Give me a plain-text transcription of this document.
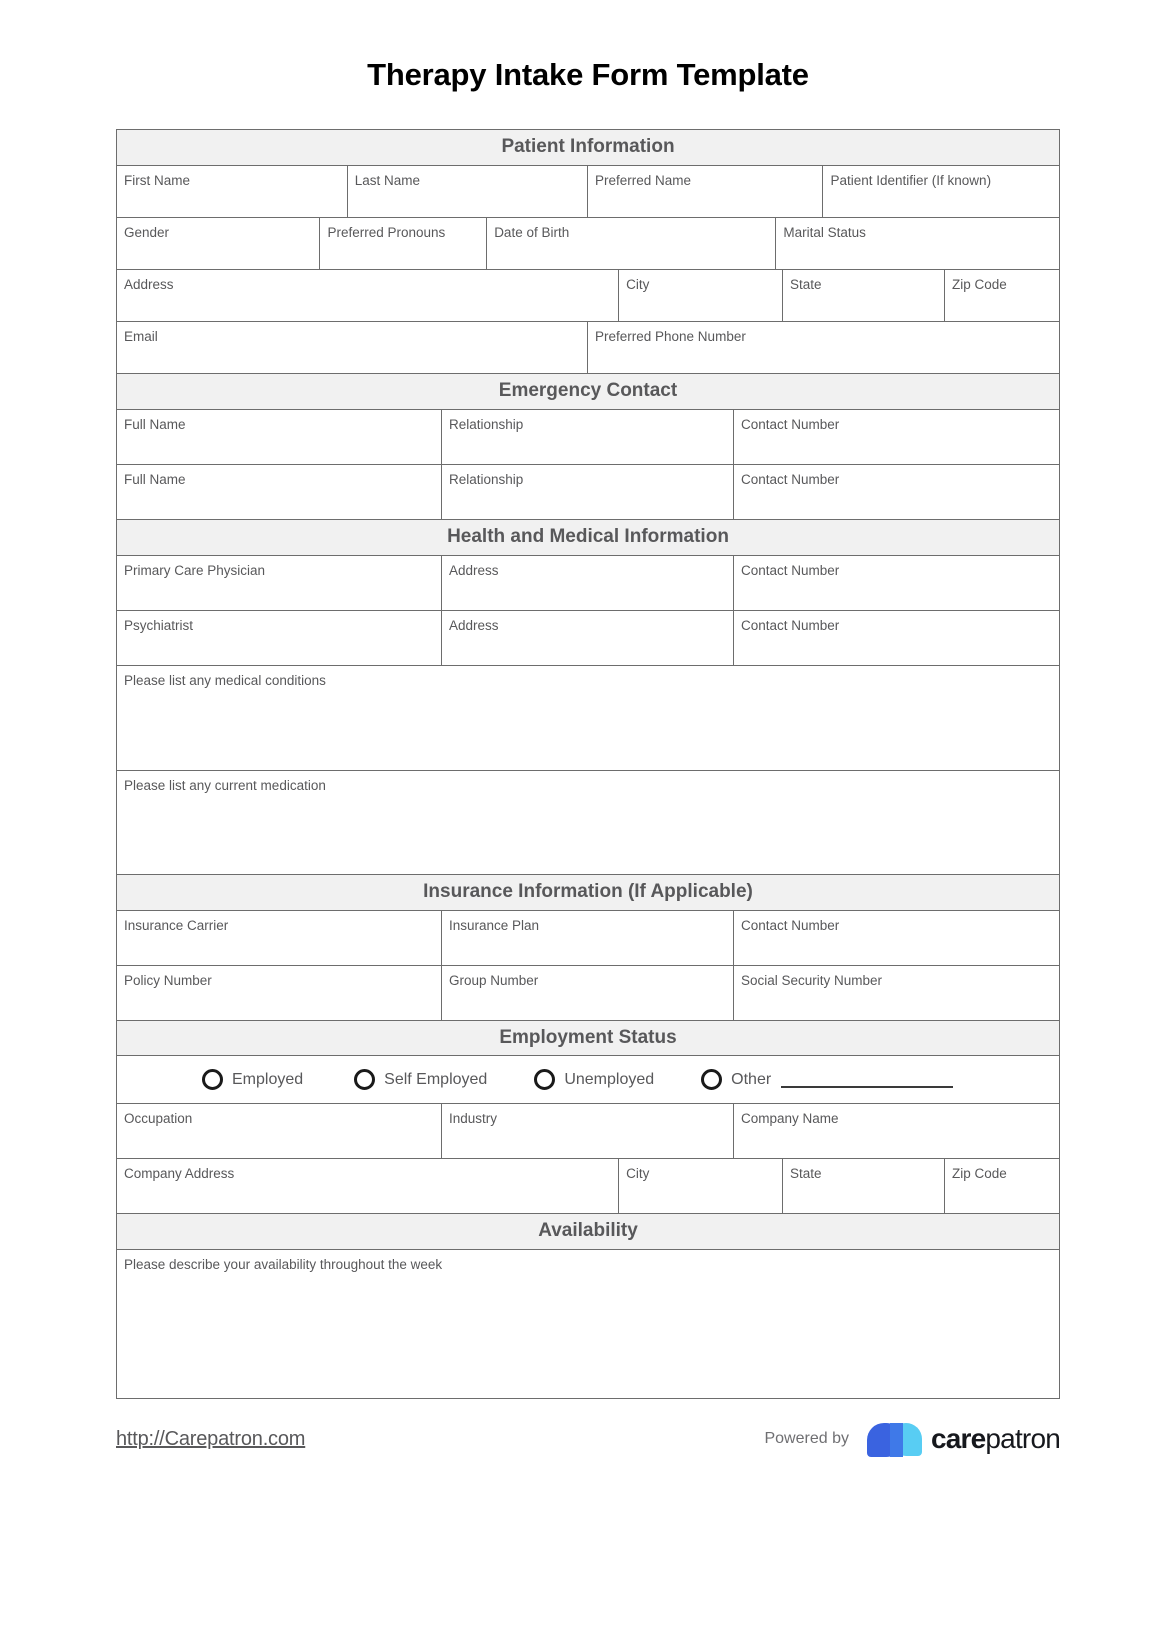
Therapy Intake Form Template
Patient Information
First Name	Last Name	Preferred Name	Patient Identifier (If known)
Gender	Preferred Pronouns	Date of Birth	Marital Status
Address	City	State	Zip Code
Email	Preferred Phone Number
Emergency Contact
Full Name	Relationship	Contact Number
Full Name	Relationship	Contact Number
Health and Medical Information
Primary Care Physician	Address	Contact Number
Psychiatrist	Address	Contact Number
Please list any medical conditions
Please list any current medication
Insurance Information (If Applicable)
Insurance Carrier	Insurance Plan	Contact Number
Policy Number	Group Number	Social Security Number
Employment Status
Employed	Self Employed	Unemployed	Other
Occupation	Industry	Company Name
Company Address	City	State	Zip Code
Availability
Please describe your availability throughout the week
http://Carepatron.com	Powered by	carepatron
